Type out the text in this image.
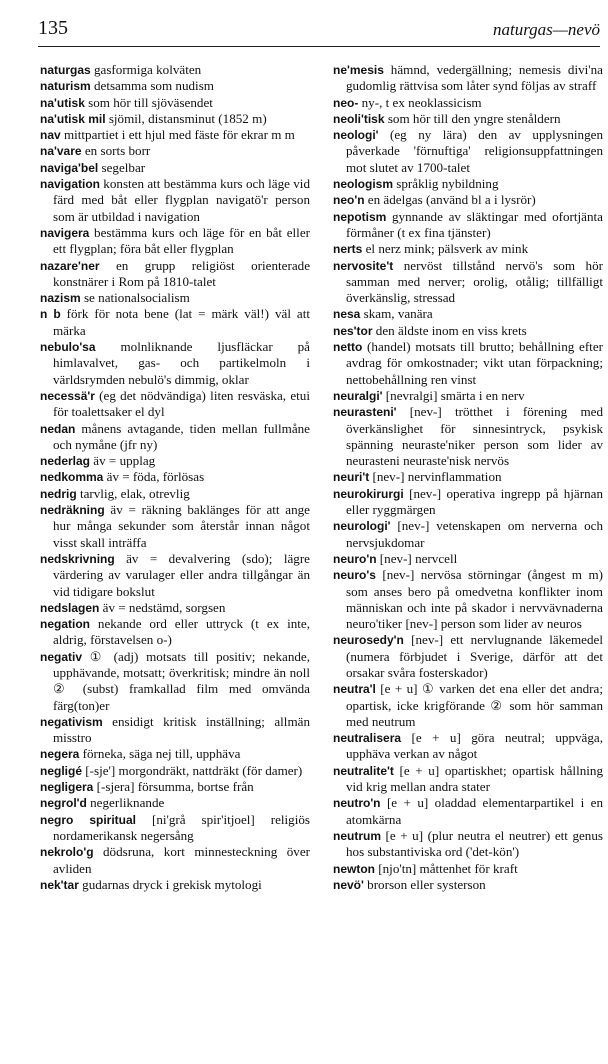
135	naturgas—nevö

naturgas gasformiga kolväten

naturism detsamma som nudism

na'utisk som hör till sjöväsendet

na'utisk mil sjömil, distansminut (1852 m)

nav mittpartiet i ett hjul med fäste för ekrar m m

na'vare en sorts borr

naviga'bel segelbar

navigation konsten att bestämma kurs och läge vid färd med båt eller flygplan navigatö'r person som är utbildad i navigation

navigera bestämma kurs och läge för en båt eller ett flygplan; föra båt eller flygplan

nazare'ner en grupp religiöst orienterade konstnärer i Rom på 1810-talet

nazism se nationalsocialism

n b förk för nota bene (lat = märk väl!) väl att märka

nebulo'sa molnliknande ljusfläckar på himlavalvet, gas- och partikelmoln i världsrymden nebulö's dimmig, oklar

necessä'r (eg det nödvändiga) liten resväska, etui för toalettsaker el dyl

nedan månens avtagande, tiden mellan fullmåne och nymåne (jfr ny)

nederlag äv = upplag

nedkomma äv = föda, förlösas

nedrig tarvlig, elak, otrevlig

nedräkning äv = räkning baklänges för att ange hur många sekunder som återstår innan något visst skall inträffa

nedskrivning äv = devalvering (sdo); lägre värdering av varulager eller andra tillgångar än vid tidigare bokslut

nedslagen äv = nedstämd, sorgsen

negation nekande ord eller uttryck (t ex inte, aldrig, förstavelsen o-)

negativ ① (adj) motsats till positiv; nekande, upphävande, motsatt; överkritisk; mindre än noll ② (subst) framkallad film med omvända färg(ton)er

negativism ensidigt kritisk inställning; allmän misstro

negera förneka, säga nej till, upphäva

negligé [-sje'] morgondräkt, nattdräkt (för damer)

negligera [-sjera] försumma, bortse från

negrol'd negerliknande

negro spiritual [ni'grå spir'itjoel] religiös nordamerikansk negersång

nekrolo'g dödsruna, kort minnesteckning över avliden

nek'tar gudarnas dryck i grekisk mytologi

ne'mesis hämnd, vedergällning; nemesis divi'na gudomlig rättvisa som låter synd följas av straff

neo- ny-, t ex neoklassicism

neoli'tisk som hör till den yngre stenåldern

neologi' (eg ny lära) den av upplysningen påverkade 'förnuftiga' religionsuppfattningen mot slutet av 1700-talet

neologism språklig nybildning

neo'n en ädelgas (använd bl a i lysrör)

nepotism gynnande av släktingar med ofortjänta förmåner (t ex fina tjänster)

nerts el nerz mink; pälsverk av mink

nervosite't nervöst tillstånd nervö's som hör samman med nerver; orolig, otålig; tillfälligt överkänslig, stressad

nesa skam, vanära

nes'tor den äldste inom en viss krets

netto (handel) motsats till brutto; behållning efter avdrag för omkostnader; vikt utan förpackning; nettobehållning ren vinst

neuralgi' [nevralgi] smärta i en nerv

neurasteni' [nev-] trötthet i förening med överkänslighet för sinnesintryck, psykisk spänning neuraste'niker person som lider av neurasteni neuraste'nisk nervös

neuri't [nev-] nervinflammation

neurokirurgi [nev-] operativa ingrepp på hjärnan eller ryggmärgen

neurologi' [nev-] vetenskapen om nerverna och nervsjukdomar

neuro'n [nev-] nervcell

neuro's [nev-] nervösa störningar (ångest m m) som anses bero på omedvetna konflikter inom människan och inte på skador i nervvävnaderna neuro'tiker [nev-] person som lider av neuros

neurosedy'n [nev-] ett nervlugnande läkemedel (numera förbjudet i Sverige, därför att det orsakar svåra fosterskador)

neutra'l [e + u] ① varken det ena eller det andra; opartisk, icke krigförande ② som hör samman med neutrum

neutralisera [e + u] göra neutral; uppväga, upphäva verkan av något

neutralite't [e + u] opartiskhet; opartisk hållning vid krig mellan andra stater

neutro'n [e + u] oladdad elementarpartikel i en atomkärna

neutrum [e + u] (plur neutra el neutrer) ett genus hos substantiviska ord ('det-kön')

newton [njo'tn] måttenhet för kraft

nevö' brorson eller systerson
